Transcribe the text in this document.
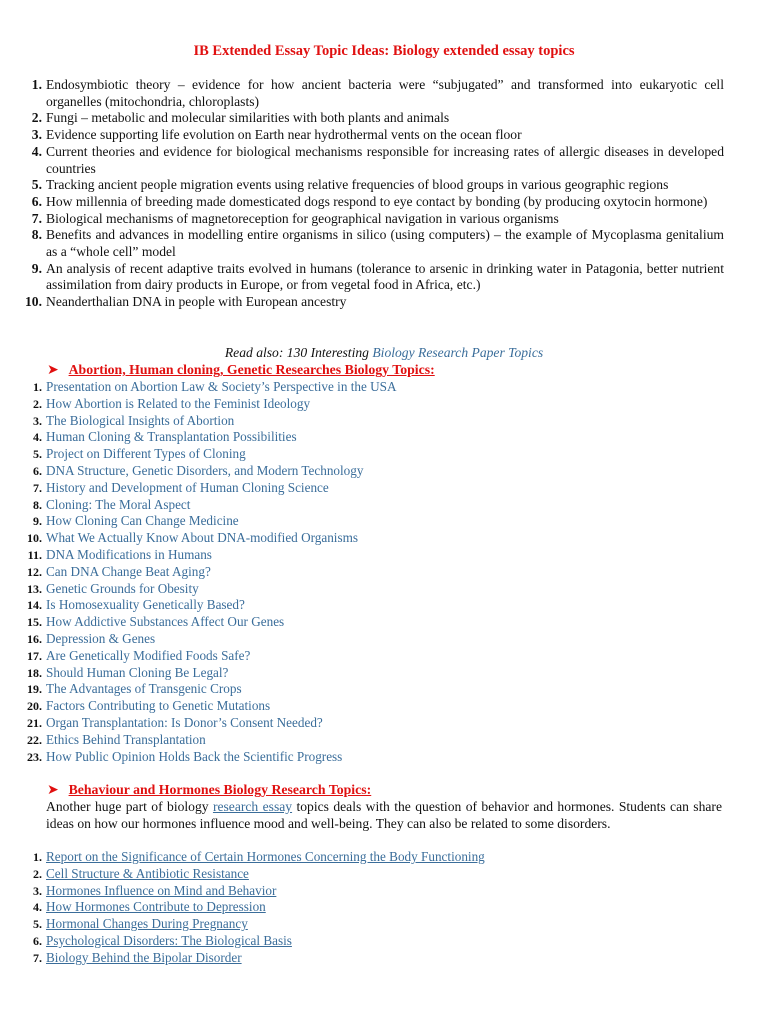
IB Extended Essay Topic Ideas: Biology extended essay topics
1. Endosymbiotic theory – evidence for how ancient bacteria were “subjugated” and transformed into eukaryotic cell organelles (mitochondria, chloroplasts)
2. Fungi – metabolic and molecular similarities with both plants and animals
3. Evidence supporting life evolution on Earth near hydrothermal vents on the ocean floor
4. Current theories and evidence for biological mechanisms responsible for increasing rates of allergic diseases in developed countries
5. Tracking ancient people migration events using relative frequencies of blood groups in various geographic regions
6. How millennia of breeding made domesticated dogs respond to eye contact by bonding (by producing oxytocin hormone)
7. Biological mechanisms of magnetoreception for geographical navigation in various organisms
8. Benefits and advances in modelling entire organisms in silico (using computers) – the example of Mycoplasma genitalium as a “whole cell” model
9. An analysis of recent adaptive traits evolved in humans (tolerance to arsenic in drinking water in Patagonia, better nutrient assimilation from dairy products in Europe, or from vegetal food in Africa, etc.)
10. Neanderthalian DNA in people with European ancestry
Read also: 130 Interesting Biology Research Paper Topics
➤ Abortion, Human cloning, Genetic Researches Biology Topics:
1. Presentation on Abortion Law & Society’s Perspective in the USA
2. How Abortion is Related to the Feminist Ideology
3. The Biological Insights of Abortion
4. Human Cloning & Transplantation Possibilities
5. Project on Different Types of Cloning
6. DNA Structure, Genetic Disorders, and Modern Technology
7. History and Development of Human Cloning Science
8. Cloning: The Moral Aspect
9. How Cloning Can Change Medicine
10. What We Actually Know About DNA-modified Organisms
11. DNA Modifications in Humans
12. Can DNA Change Beat Aging?
13. Genetic Grounds for Obesity
14. Is Homosexuality Genetically Based?
15. How Addictive Substances Affect Our Genes
16. Depression & Genes
17. Are Genetically Modified Foods Safe?
18. Should Human Cloning Be Legal?
19. The Advantages of Transgenic Crops
20. Factors Contributing to Genetic Mutations
21. Organ Transplantation: Is Donor’s Consent Needed?
22. Ethics Behind Transplantation
23. How Public Opinion Holds Back the Scientific Progress
➤ Behaviour and Hormones Biology Research Topics:
Another huge part of biology research essay topics deals with the question of behavior and hormones. Students can share ideas on how our hormones influence mood and well-being. They can also be related to some disorders.
1. Report on the Significance of Certain Hormones Concerning the Body Functioning
2. Cell Structure & Antibiotic Resistance
3. Hormones Influence on Mind and Behavior
4. How Hormones Contribute to Depression
5. Hormonal Changes During Pregnancy
6. Psychological Disorders: The Biological Basis
7. Biology Behind the Bipolar Disorder
